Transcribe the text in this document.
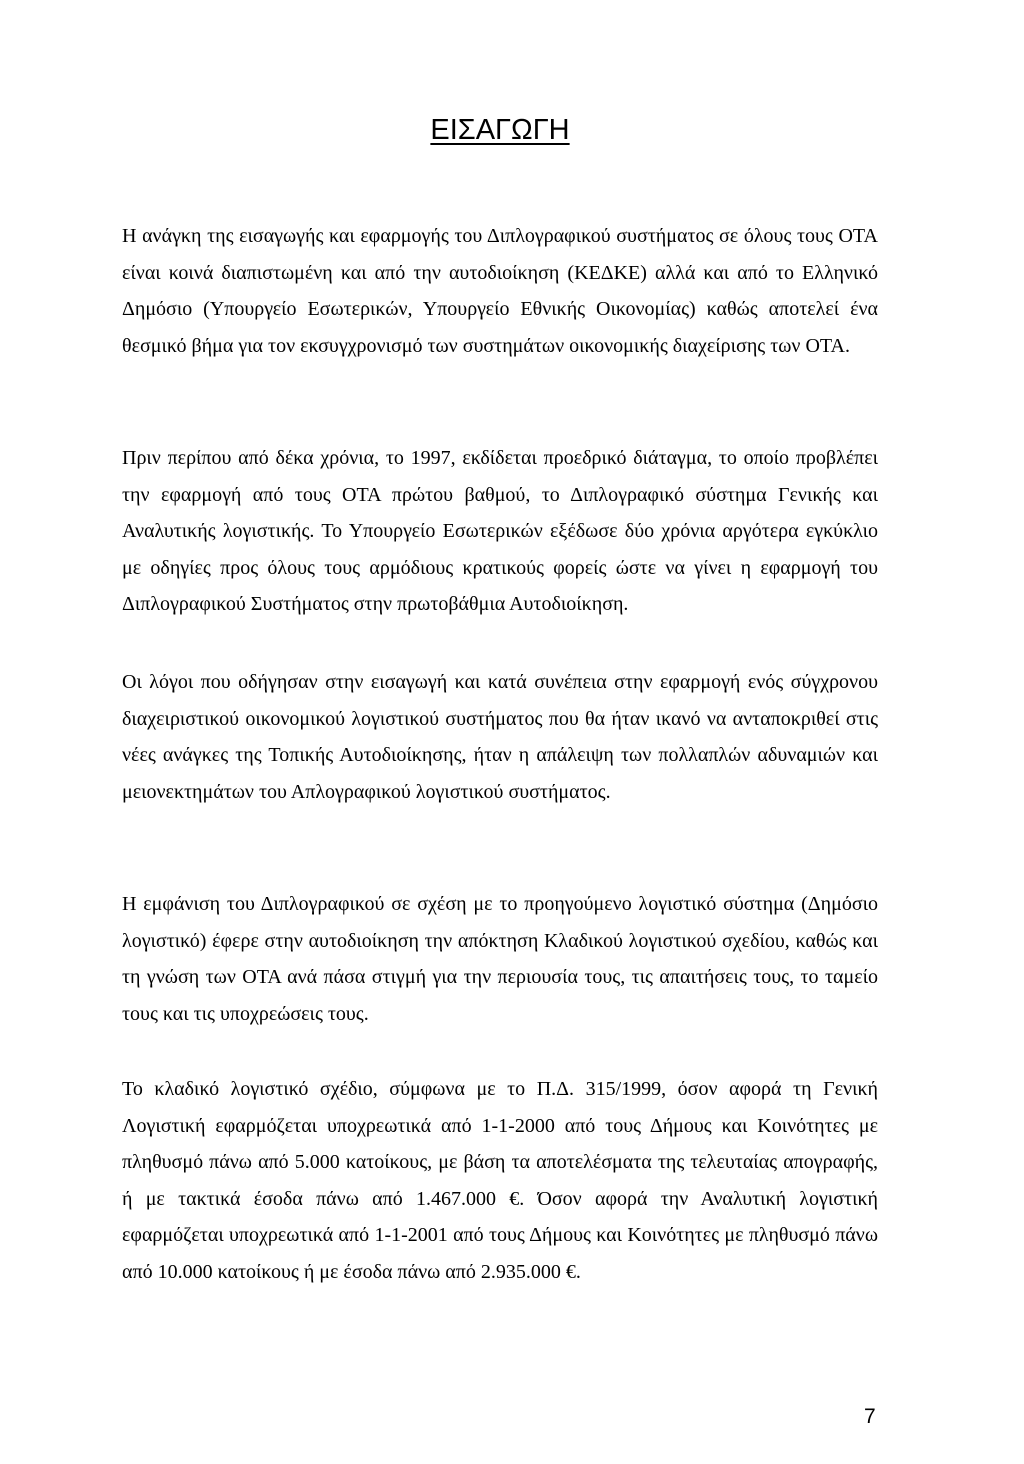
ΕΙΣΑΓΩΓΗ

Η ανάγκη της εισαγωγής και εφαρμογής του Διπλογραφικού συστήματος σε όλους τους ΟΤΑ είναι κοινά διαπιστωμένη και από την αυτοδιοίκηση (ΚΕΔΚΕ) αλλά και από το Ελληνικό Δημόσιο (Υπουργείο Εσωτερικών, Υπουργείο Εθνικής Οικονομίας) καθώς αποτελεί ένα θεσμικό βήμα για τον εκσυγχρονισμό των συστημάτων οικονομικής διαχείρισης των ΟΤΑ.

Πριν περίπου από δέκα χρόνια, το 1997, εκδίδεται προεδρικό διάταγμα, το οποίο προβλέπει την εφαρμογή από τους ΟΤΑ πρώτου βαθμού, το Διπλογραφικό σύστημα Γενικής και Αναλυτικής λογιστικής. Το Υπουργείο Εσωτερικών εξέδωσε δύο χρόνια αργότερα εγκύκλιο με οδηγίες προς όλους τους αρμόδιους κρατικούς φορείς ώστε να γίνει η εφαρμογή του Διπλογραφικού Συστήματος στην πρωτοβάθμια Αυτοδιοίκηση.

Οι λόγοι που οδήγησαν στην εισαγωγή και κατά συνέπεια στην εφαρμογή ενός σύγχρονου διαχειριστικού οικονομικού λογιστικού συστήματος που θα ήταν ικανό να ανταποκριθεί στις νέες ανάγκες της Τοπικής Αυτοδιοίκησης, ήταν η απάλειψη των πολλαπλών αδυναμιών και μειονεκτημάτων του Απλογραφικού λογιστικού συστήματος.

Η εμφάνιση του Διπλογραφικού σε σχέση με το προηγούμενο λογιστικό σύστημα (Δημόσιο λογιστικό) έφερε στην αυτοδιοίκηση την απόκτηση Κλαδικού λογιστικού σχεδίου, καθώς και τη γνώση των ΟΤΑ ανά πάσα στιγμή για την περιουσία τους, τις απαιτήσεις τους, το ταμείο τους και τις υποχρεώσεις τους.

Το κλαδικό λογιστικό σχέδιο, σύμφωνα με το Π.Δ. 315/1999, όσον αφορά τη Γενική Λογιστική εφαρμόζεται υποχρεωτικά από 1-1-2000 από τους Δήμους και Κοινότητες με πληθυσμό πάνω από 5.000 κατοίκους, με βάση τα αποτελέσματα της τελευταίας απογραφής, ή με τακτικά έσοδα πάνω από 1.467.000 €. Όσον αφορά την Αναλυτική λογιστική εφαρμόζεται υποχρεωτικά από 1-1-2001 από τους Δήμους και Κοινότητες με πληθυσμό πάνω από 10.000 κατοίκους ή με έσοδα πάνω από 2.935.000 €.

7
